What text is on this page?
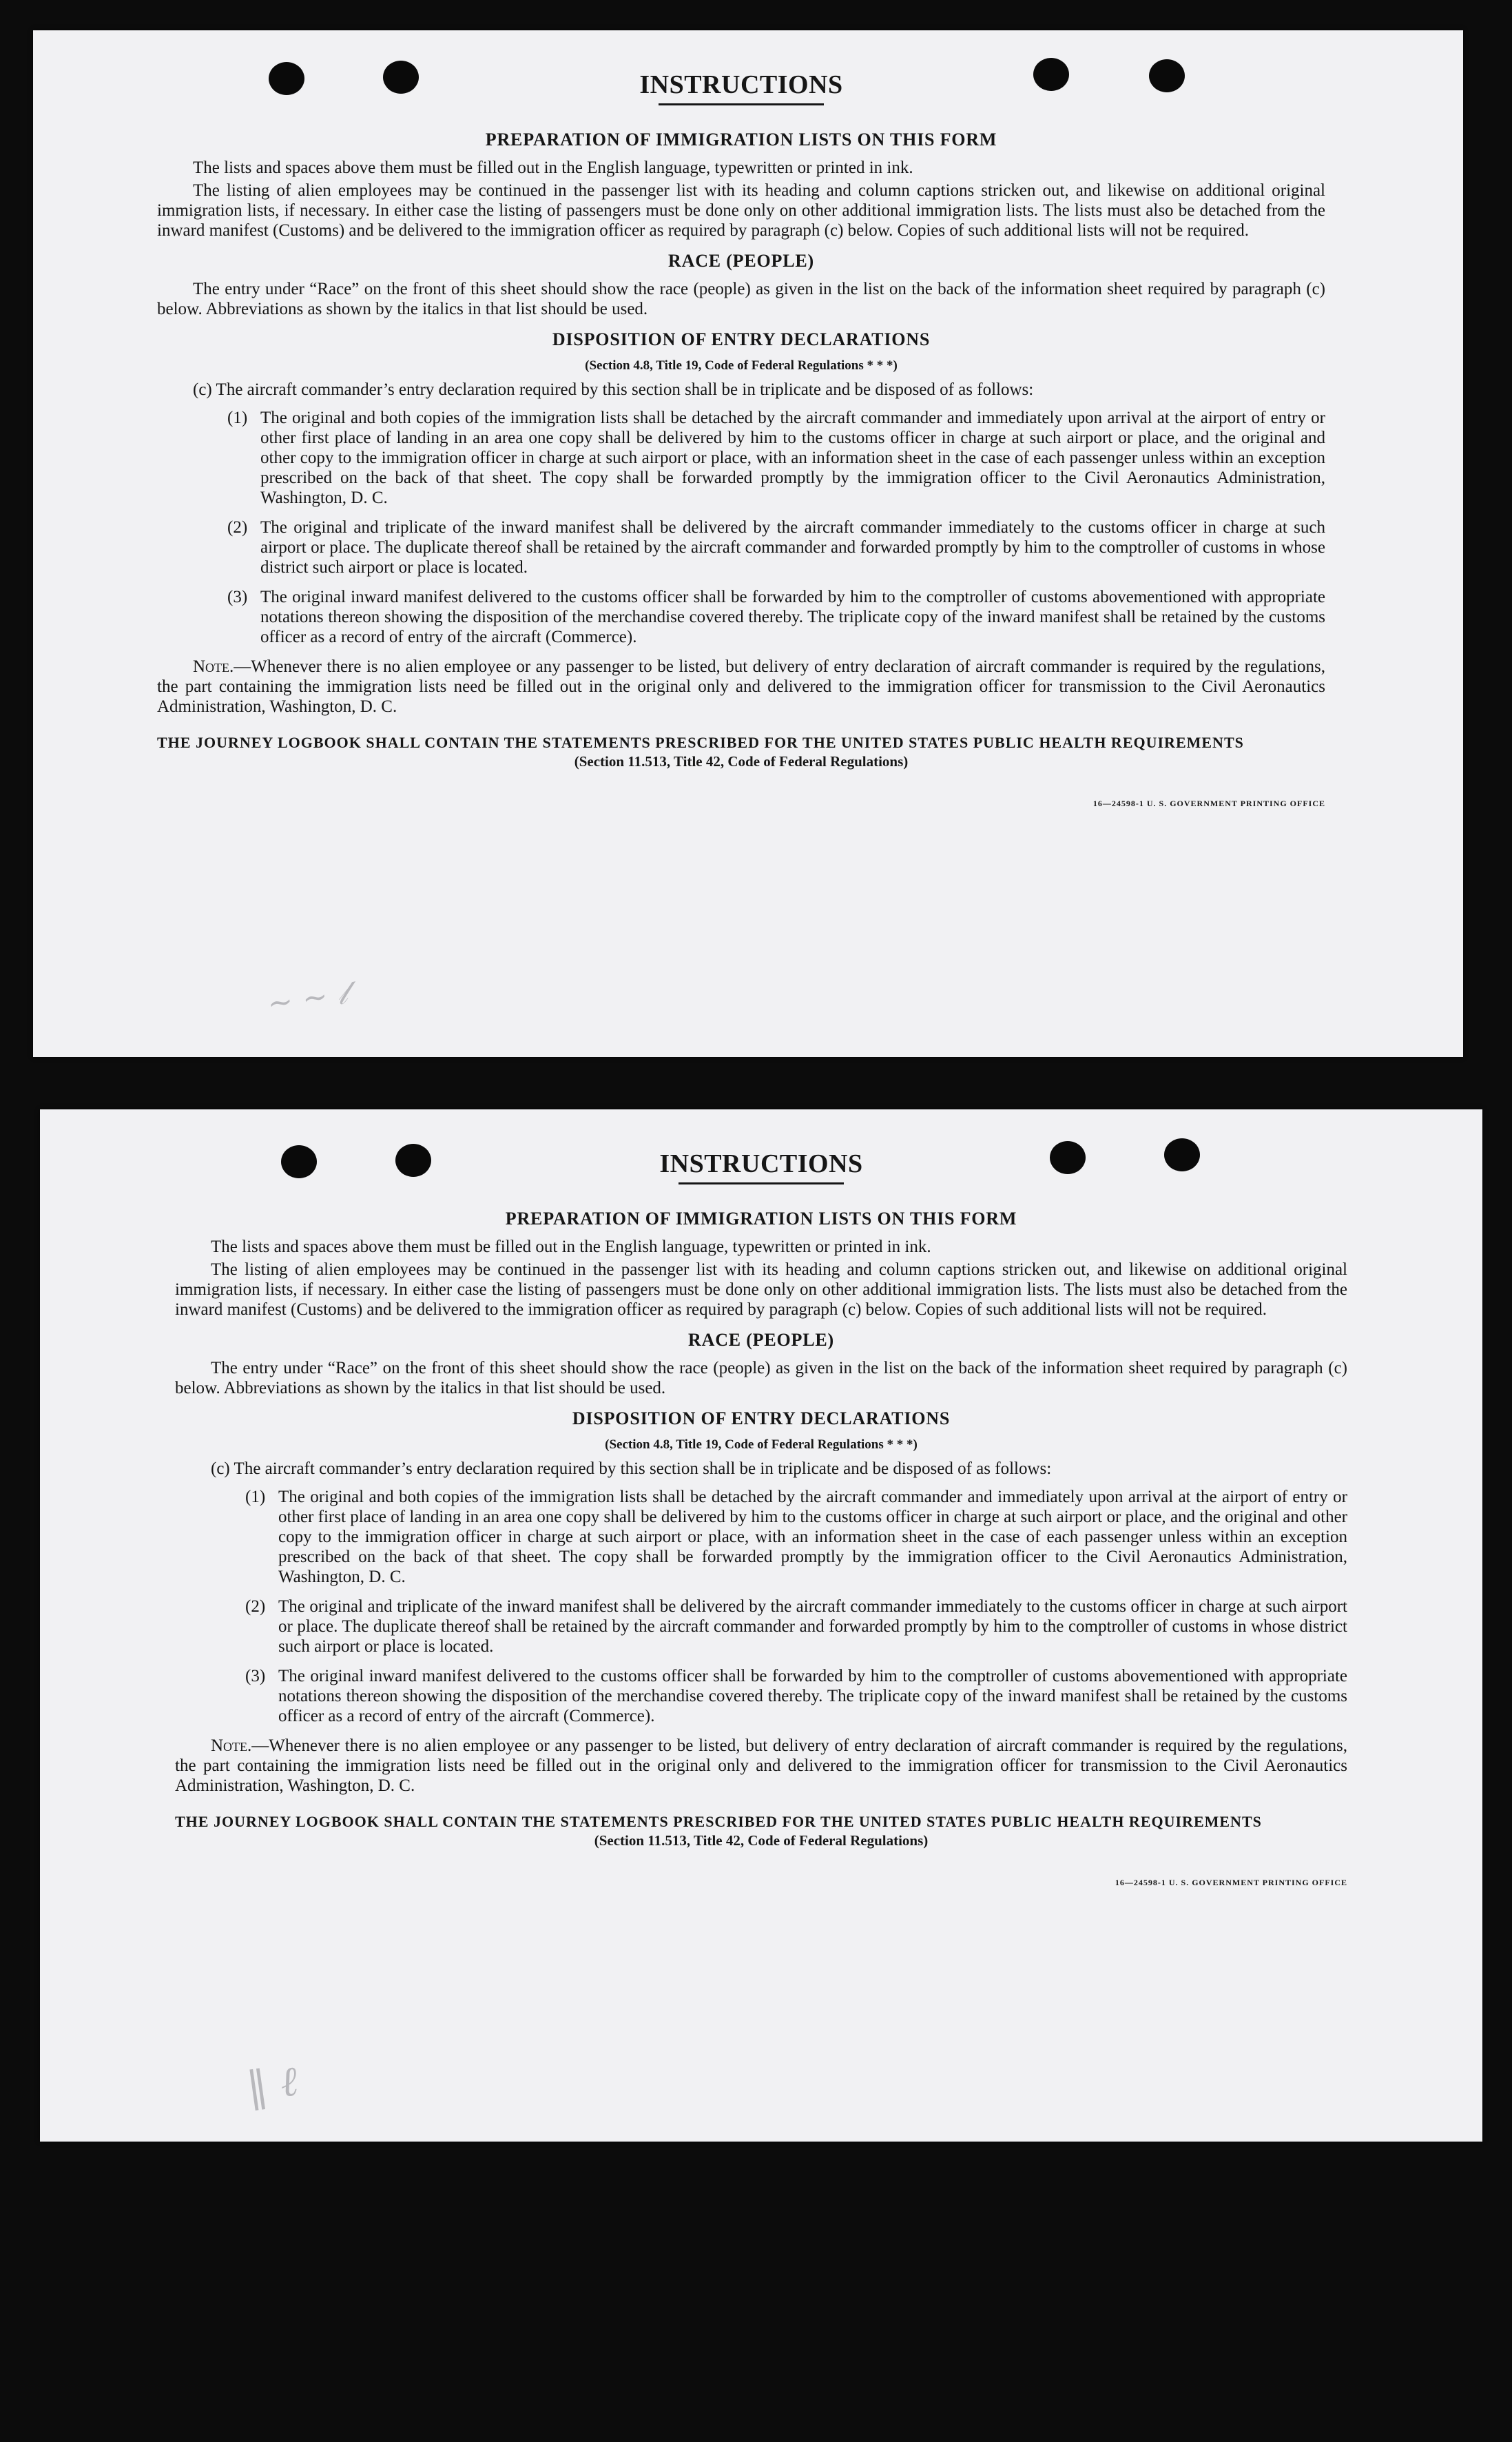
INSTRUCTIONS
PREPARATION OF IMMIGRATION LISTS ON THIS FORM

The lists and spaces above them must be filled out in the English language, typewritten or printed in ink.

The listing of alien employees may be continued in the passenger list with its heading and column captions stricken out, and likewise on additional original immigration lists, if necessary. In either case the listing of passengers must be done only on other additional immigration lists. The lists must also be detached from the inward manifest (Customs) and be delivered to the immigration officer as required by paragraph (c) below. Copies of such additional lists will not be required.

RACE (PEOPLE)

The entry under “Race” on the front of this sheet should show the race (people) as given in the list on the back of the information sheet required by paragraph (c) below. Abbreviations as shown by the italics in that list should be used.

DISPOSITION OF ENTRY DECLARATIONS
(Section 4.8, Title 19, Code of Federal Regulations * * *)

(c) The aircraft commander’s entry declaration required by this section shall be in triplicate and be disposed of as follows:

(1) The original and both copies of the immigration lists shall be detached by the aircraft commander and immediately upon arrival at the airport of entry or other first place of landing in an area one copy shall be delivered by him to the customs officer in charge at such airport or place, and the original and other copy to the immigration officer in charge at such airport or place, with an information sheet in the case of each passenger unless within an exception prescribed on the back of that sheet. The copy shall be forwarded promptly by the immigration officer to the Civil Aeronautics Administration, Washington, D. C.
(2) The original and triplicate of the inward manifest shall be delivered by the aircraft commander immediately to the customs officer in charge at such airport or place. The duplicate thereof shall be retained by the aircraft commander and forwarded promptly by him to the comptroller of customs in whose district such airport or place is located.
(3) The original inward manifest delivered to the customs officer shall be forwarded by him to the comptroller of customs abovementioned with appropriate notations thereon showing the disposition of the merchandise covered thereby. The triplicate copy of the inward manifest shall be retained by the customs officer as a record of entry of the aircraft (Commerce).

Note.—Whenever there is no alien employee or any passenger to be listed, but delivery of entry declaration of aircraft commander is required by the regulations, the part containing the immigration lists need be filled out in the original only and delivered to the immigration officer for transmission to the Civil Aeronautics Administration, Washington, D. C.

THE JOURNEY LOGBOOK SHALL CONTAIN THE STATEMENTS PRESCRIBED FOR THE UNITED STATES PUBLIC HEALTH REQUIREMENTS
(Section 11.513, Title 42, Code of Federal Regulations)
16—24598-1 U. S. GOVERNMENT PRINTING OFFICE
~ ~ 𝓁
INSTRUCTIONS
PREPARATION OF IMMIGRATION LISTS ON THIS FORM

The lists and spaces above them must be filled out in the English language, typewritten or printed in ink.

The listing of alien employees may be continued in the passenger list with its heading and column captions stricken out, and likewise on additional original immigration lists, if necessary. In either case the listing of passengers must be done only on other additional immigration lists. The lists must also be detached from the inward manifest (Customs) and be delivered to the immigration officer as required by paragraph (c) below. Copies of such additional lists will not be required.

RACE (PEOPLE)

The entry under “Race” on the front of this sheet should show the race (people) as given in the list on the back of the information sheet required by paragraph (c) below. Abbreviations as shown by the italics in that list should be used.

DISPOSITION OF ENTRY DECLARATIONS
(Section 4.8, Title 19, Code of Federal Regulations * * *)

(c) The aircraft commander’s entry declaration required by this section shall be in triplicate and be disposed of as follows:

(1) The original and both copies of the immigration lists shall be detached by the aircraft commander and immediately upon arrival at the airport of entry or other first place of landing in an area one copy shall be delivered by him to the customs officer in charge at such airport or place, and the original and other copy to the immigration officer in charge at such airport or place, with an information sheet in the case of each passenger unless within an exception prescribed on the back of that sheet. The copy shall be forwarded promptly by the immigration officer to the Civil Aeronautics Administration, Washington, D. C.
(2) The original and triplicate of the inward manifest shall be delivered by the aircraft commander immediately to the customs officer in charge at such airport or place. The duplicate thereof shall be retained by the aircraft commander and forwarded promptly by him to the comptroller of customs in whose district such airport or place is located.
(3) The original inward manifest delivered to the customs officer shall be forwarded by him to the comptroller of customs abovementioned with appropriate notations thereon showing the disposition of the merchandise covered thereby. The triplicate copy of the inward manifest shall be retained by the customs officer as a record of entry of the aircraft (Commerce).

Note.—Whenever there is no alien employee or any passenger to be listed, but delivery of entry declaration of aircraft commander is required by the regulations, the part containing the immigration lists need be filled out in the original only and delivered to the immigration officer for transmission to the Civil Aeronautics Administration, Washington, D. C.

THE JOURNEY LOGBOOK SHALL CONTAIN THE STATEMENTS PRESCRIBED FOR THE UNITED STATES PUBLIC HEALTH REQUIREMENTS
(Section 11.513, Title 42, Code of Federal Regulations)
16—24598-1 U. S. GOVERNMENT PRINTING OFFICE
‖ ℓ
